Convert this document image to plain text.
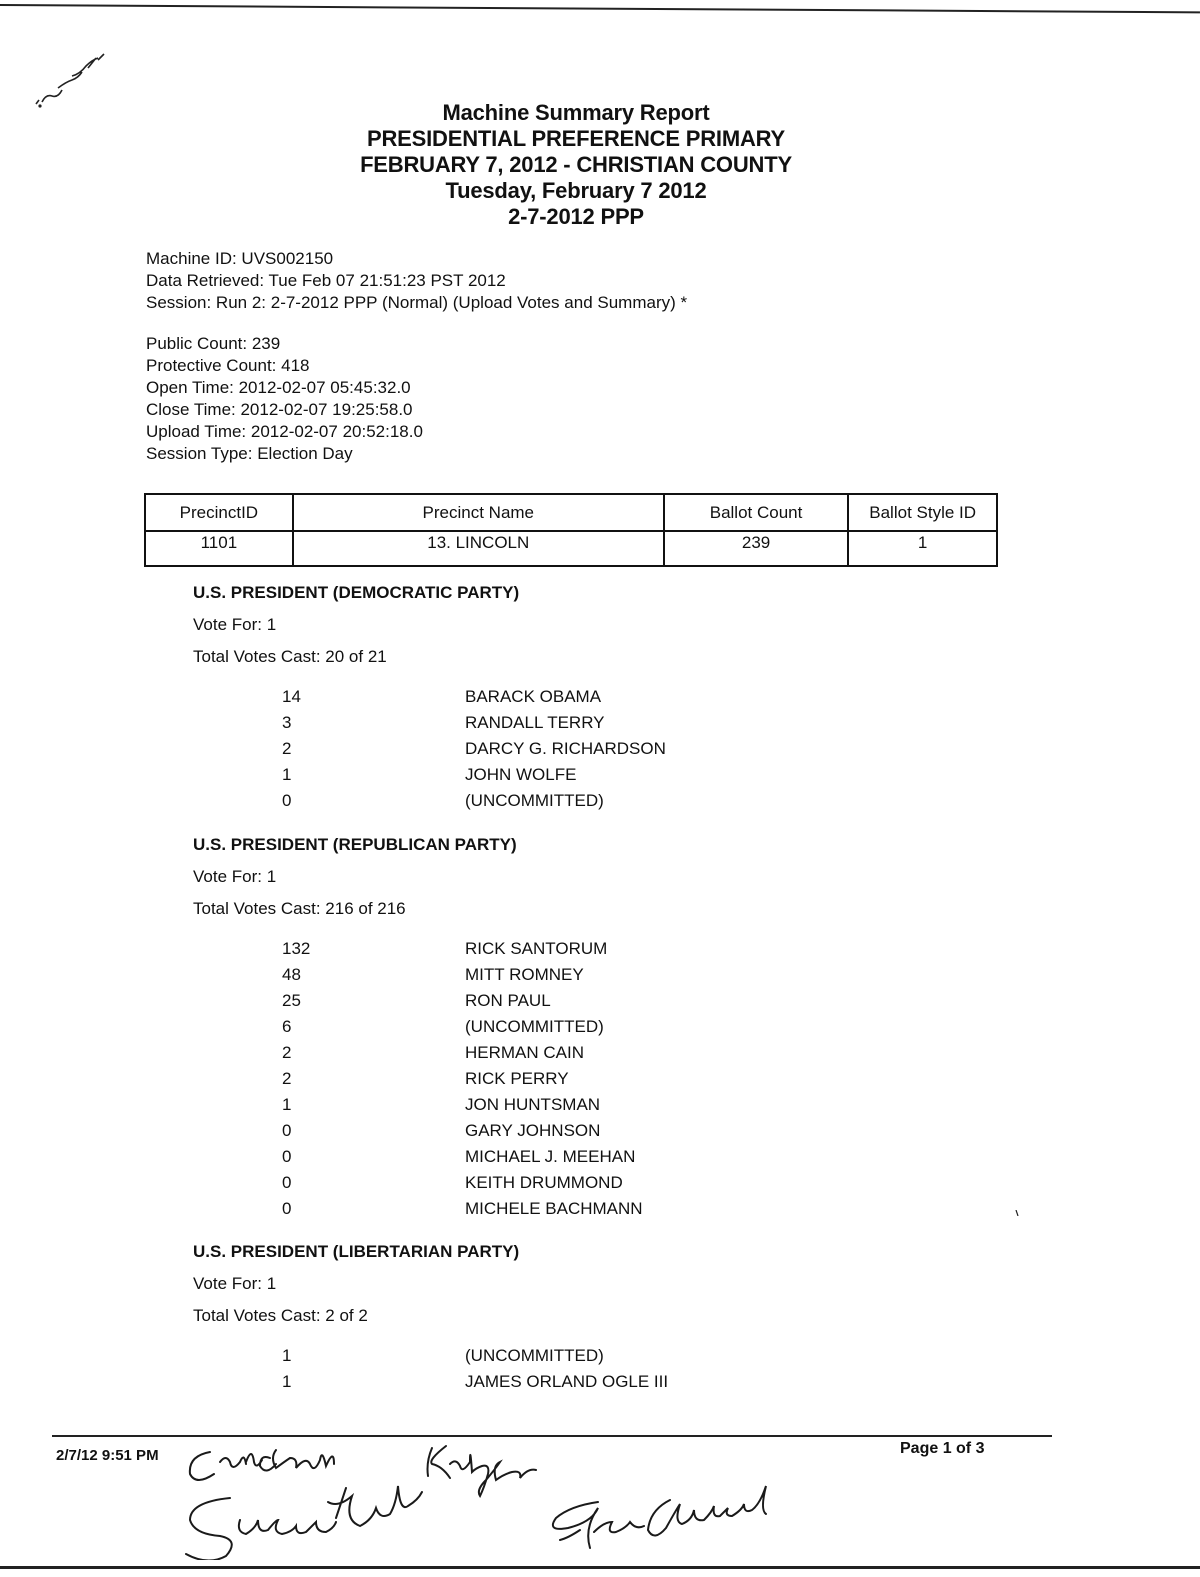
Machine Summary Report
PRESIDENTIAL PREFERENCE PRIMARY
FEBRUARY 7, 2012 - CHRISTIAN COUNTY
Tuesday, February 7 2012
2-7-2012 PPP
Machine ID: UVS002150
Data Retrieved: Tue Feb 07 21:51:23 PST 2012
Session: Run 2: 2-7-2012 PPP (Normal) (Upload Votes and Summary) *
Public Count: 239
Protective Count: 418
Open Time: 2012-02-07 05:45:32.0
Close Time: 2012-02-07 19:25:58.0
Upload Time: 2012-02-07 20:52:18.0
Session Type: Election Day
PrecinctID	Precinct Name	Ballot Count	Ballot Style ID
1101	13. LINCOLN	239	1
U.S. PRESIDENT (DEMOCRATIC PARTY)
Vote For: 1
Total Votes Cast: 20 of 21
14	BARACK OBAMA
3	RANDALL TERRY
2	DARCY G. RICHARDSON
1	JOHN WOLFE
0	(UNCOMMITTED)
U.S. PRESIDENT (REPUBLICAN PARTY)
Vote For: 1
Total Votes Cast: 216 of 216
132	RICK SANTORUM
48	MITT ROMNEY
25	RON PAUL
6	(UNCOMMITTED)
2	HERMAN CAIN
2	RICK PERRY
1	JON HUNTSMAN
0	GARY JOHNSON
0	MICHAEL J. MEEHAN
0	KEITH DRUMMOND
0	MICHELE BACHMANN
U.S. PRESIDENT (LIBERTARIAN PARTY)
Vote For: 1
Total Votes Cast: 2 of 2
1	(UNCOMMITTED)
1	JAMES ORLAND OGLE III
2/7/12 9:51 PM	Page 1 of 3
